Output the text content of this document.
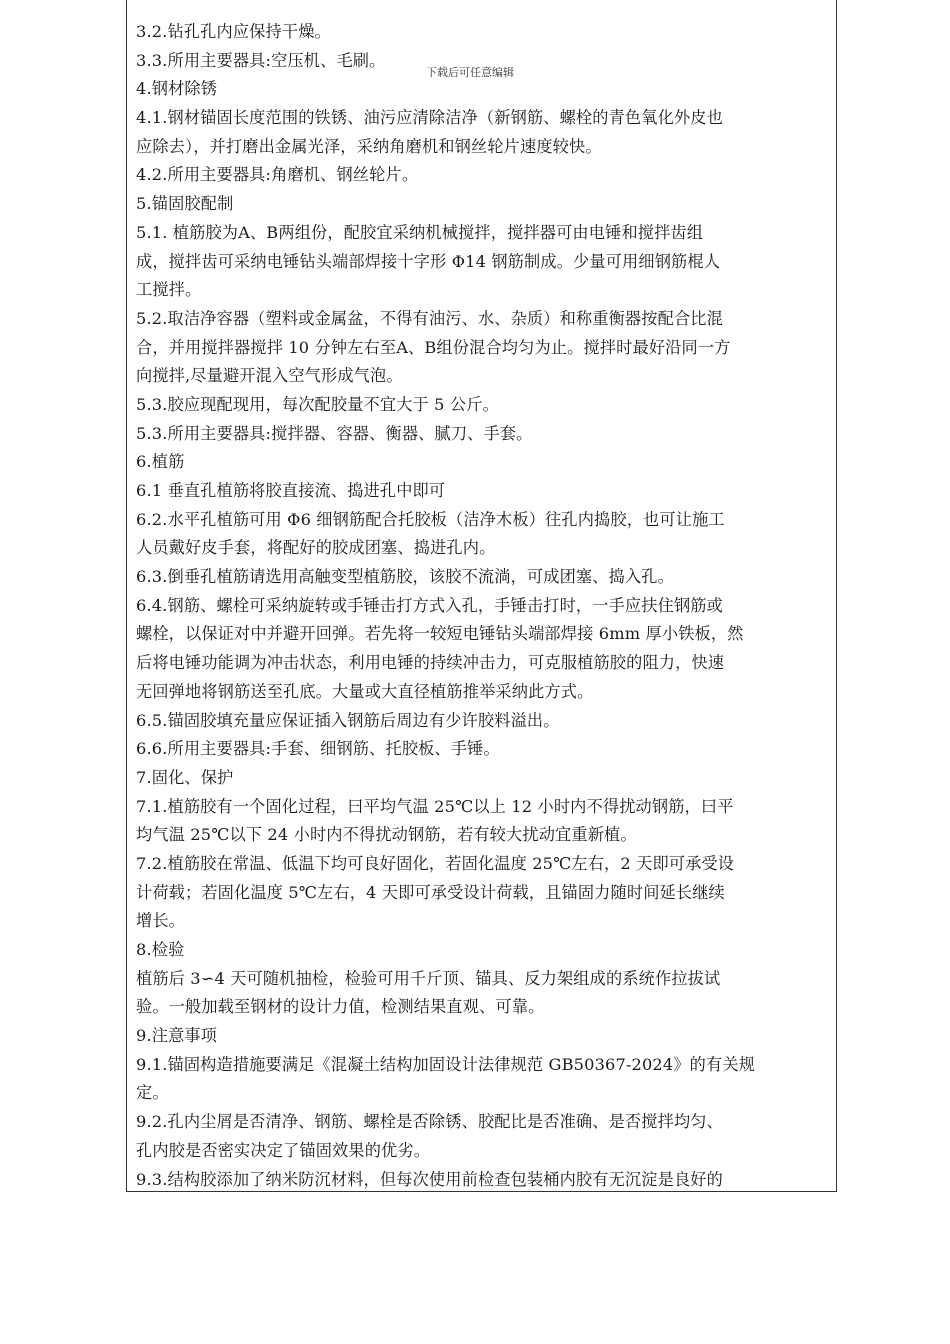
3.2.钻孔孔内应保持干燥。
3.3.所用主要器具:空压机、毛刷。
4.钢材除锈
4.1.钢材锚固长度范围的铁锈、油污应清除洁净（新钢筋、螺栓的青色氧化外皮也
应除去），并打磨出金属光泽，采纳角磨机和钢丝轮片速度较快。
4.2.所用主要器具:角磨机、钢丝轮片。
5.锚固胶配制
5.1. 植筋胶为A、B两组份，配胶宜采纳机械搅拌，搅拌器可由电锤和搅拌齿组
成，搅拌齿可采纳电锤钻头端部焊接十字形 Φ14 钢筋制成。少量可用细钢筋棍人
工搅拌。
5.2.取洁净容器（塑料或金属盆，不得有油污、水、杂质）和称重衡器按配合比混
合，并用搅拌器搅拌 10 分钟左右至A、B组份混合均匀为止。搅拌时最好沿同一方
向搅拌,尽量避开混入空气形成气泡。
5.3.胶应现配现用，每次配胶量不宜大于 5 公斤。
5.3.所用主要器具:搅拌器、容器、衡器、腻刀、手套。
6.植筋
6.1 垂直孔植筋将胶直接流、捣进孔中即可
6.2.水平孔植筋可用 Φ6 细钢筋配合托胶板（洁净木板）往孔内捣胶，也可让施工
人员戴好皮手套，将配好的胶成团塞、捣进孔内。
6.3.倒垂孔植筋请选用高触变型植筋胶，该胶不流淌，可成团塞、捣入孔。
6.4.钢筋、螺栓可采纳旋转或手锤击打方式入孔，手锤击打时，一手应扶住钢筋或
螺栓，以保证对中并避开回弹。若先将一较短电锤钻头端部焊接 6mm 厚小铁板，然
后将电锤功能调为冲击状态，利用电锤的持续冲击力，可克服植筋胶的阻力，快速
无回弹地将钢筋送至孔底。大量或大直径植筋推举采纳此方式。
6.5.锚固胶填充量应保证插入钢筋后周边有少许胶料溢出。
6.6.所用主要器具:手套、细钢筋、托胶板、手锤。
7.固化、保护
7.1.植筋胶有一个固化过程，曰平均气温 25℃以上 12 小时内不得扰动钢筋，曰平
均气温 25℃以下 24 小时内不得扰动钢筋，若有较大扰动宜重新植。
7.2.植筋胶在常温、低温下均可良好固化，若固化温度 25℃左右，2 天即可承受设
计荷载；若固化温度 5℃左右，4 天即可承受设计荷载，且锚固力随时间延长继续
增长。
8.检验
植筋后 3∽4 天可随机抽检，检验可用千斤顶、锚具、反力架组成的系统作拉拔试
验。一般加载至钢材的设计力值，检测结果直观、可靠。
9.注意事项
9.1.锚固构造措施要满足《混凝土结构加固设计法律规范 GB50367-2024》的有关规
定。
9.2.孔内尘屑是否清净、钢筋、螺栓是否除锈、胶配比是否准确、是否搅拌均匀、
孔内胶是否密实决定了锚固效果的优劣。
9.3.结构胶添加了纳米防沉材料，但每次使用前检查包装桶内胶有无沉淀是良好的
下载后可任意编辑
